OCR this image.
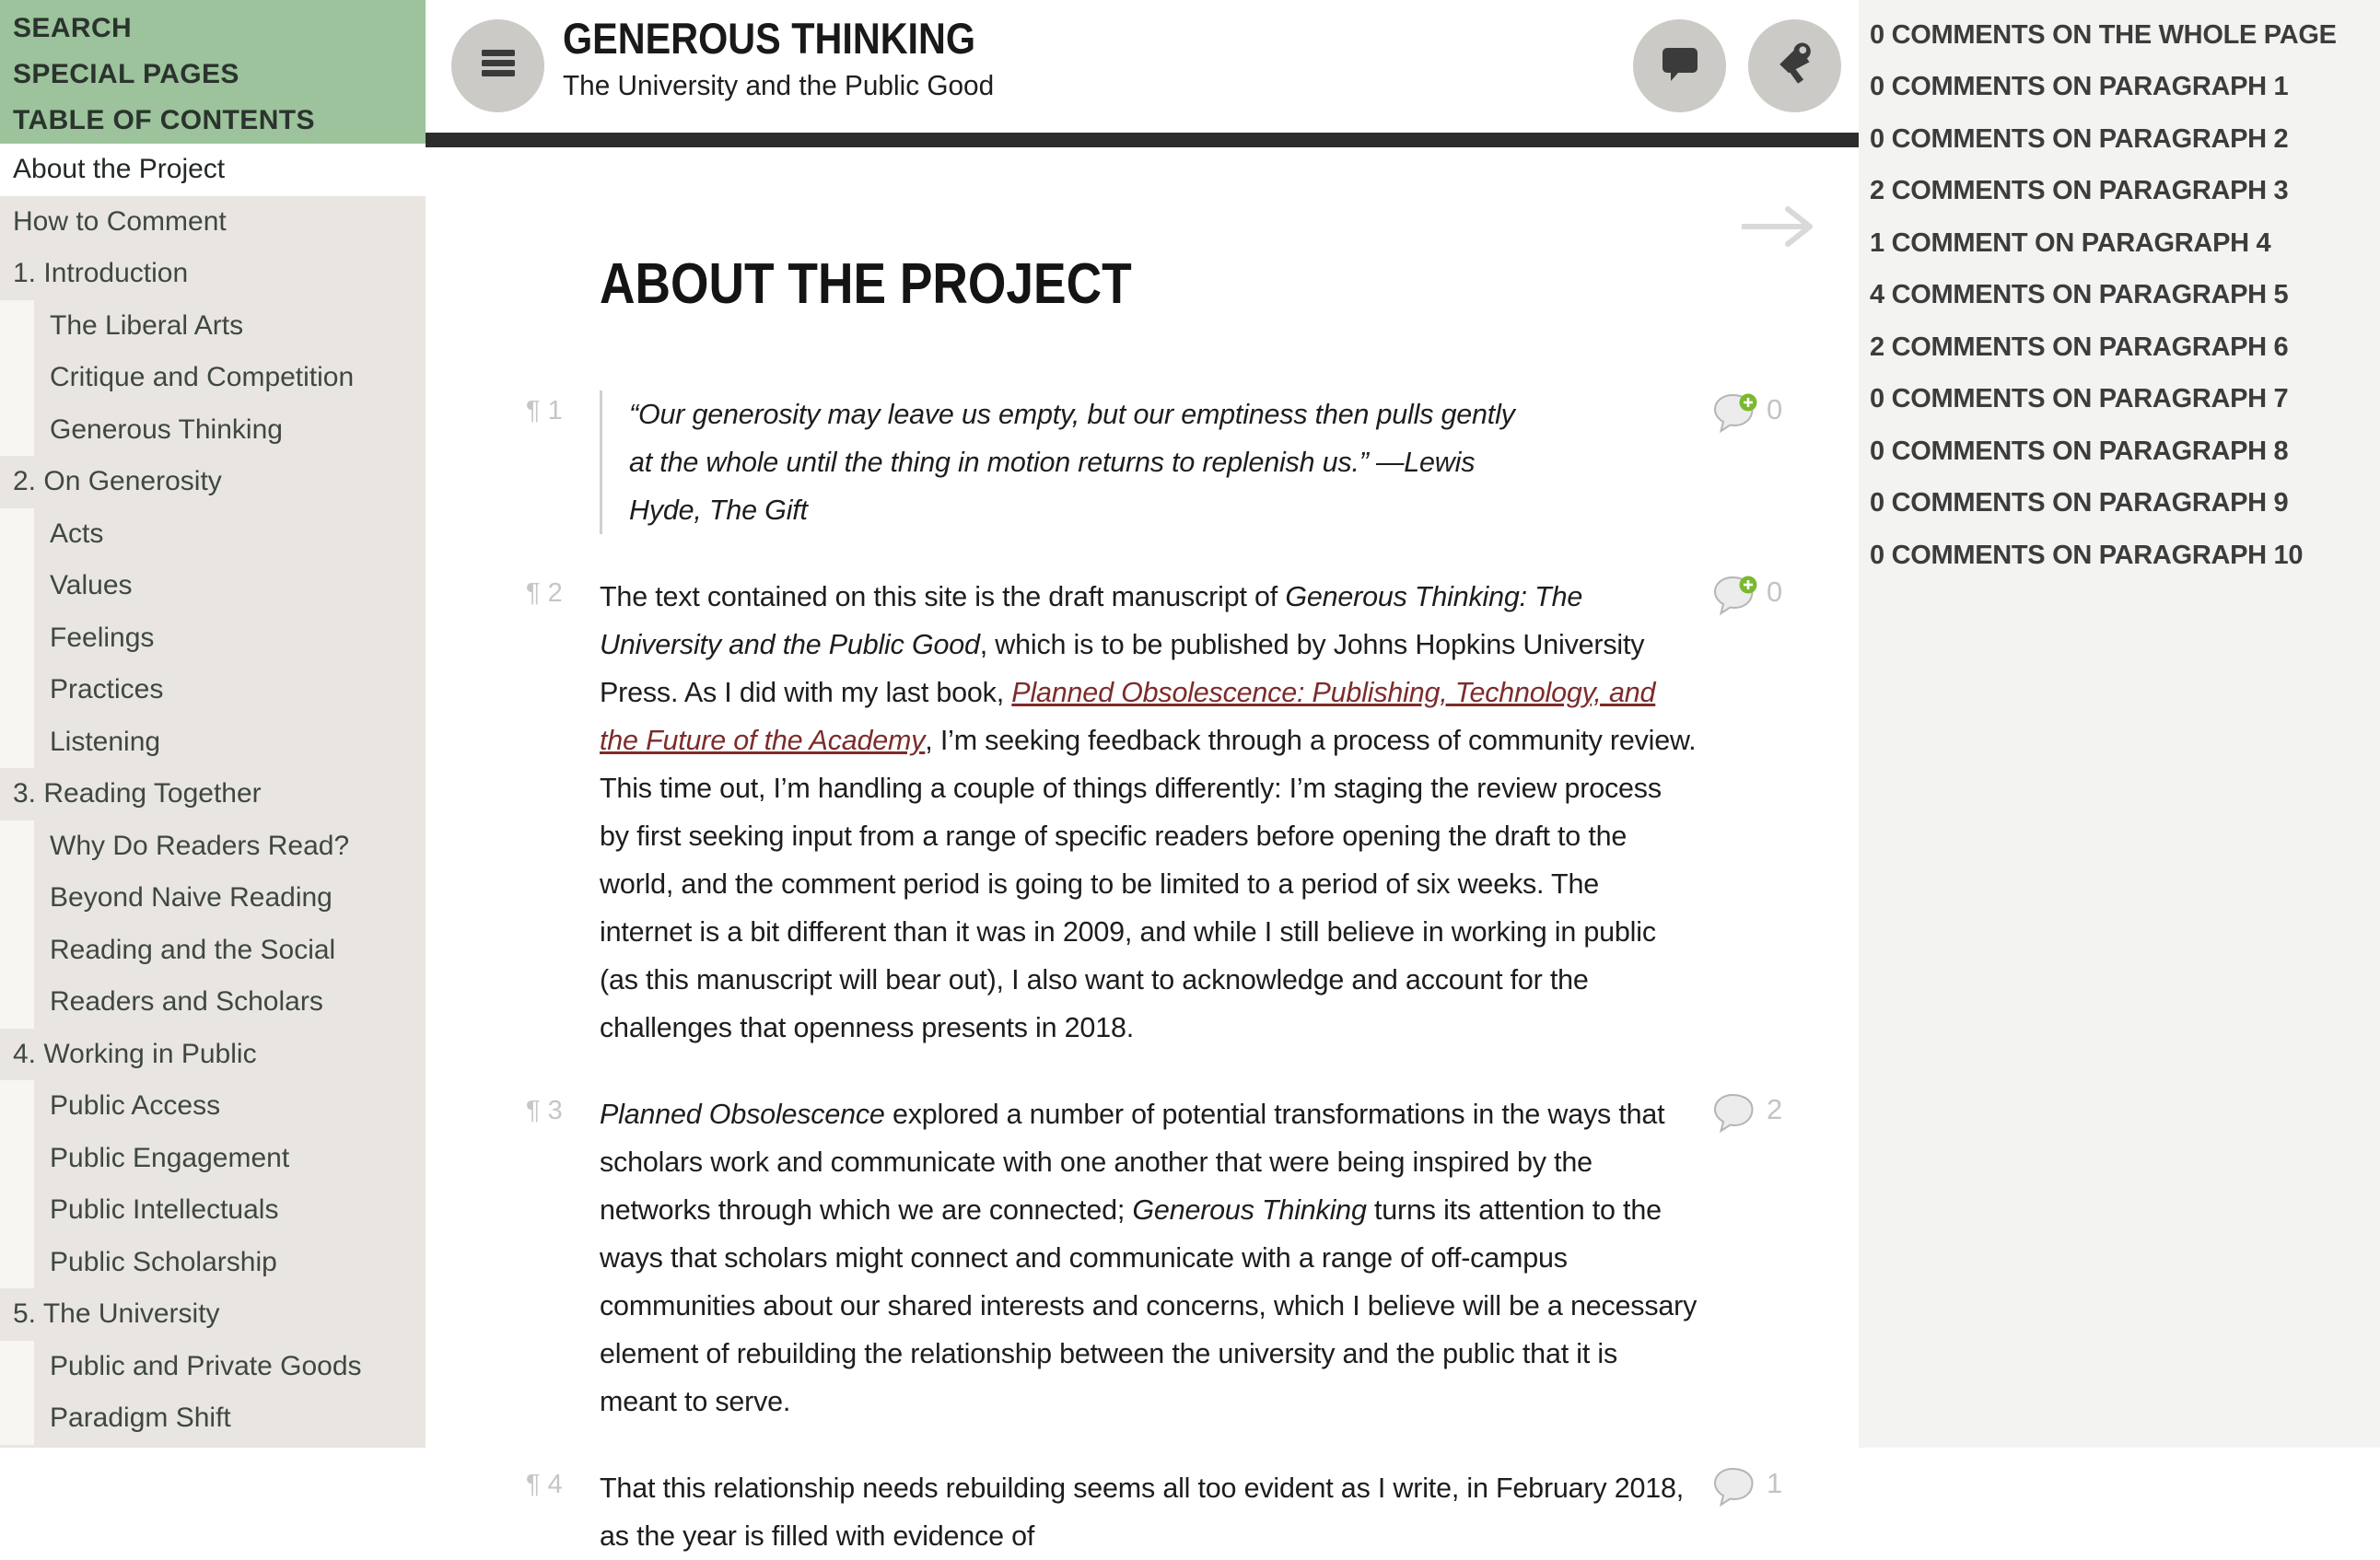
SEARCH
SPECIAL PAGES
TABLE OF CONTENTS
About the Project
How to Comment
1. Introduction
The Liberal Arts
Critique and Competition
Generous Thinking
2. On Generosity
Acts
Values
Feelings
Practices
Listening
3. Reading Together
Why Do Readers Read?
Beyond Naive Reading
Reading and the Social
Readers and Scholars
4. Working in Public
Public Access
Public Engagement
Public Intellectuals
Public Scholarship
5. The University
Public and Private Goods
Paradigm Shift
GENEROUS THINKING
The University and the Public Good
ABOUT THE PROJECT
¶ 1	“Our generosity may leave us empty, but our emptiness then pulls gently at the whole until the thing in motion returns to replenish us.” —Lewis Hyde, The Gift
0
¶ 2 The text contained on this site is the draft manuscript of Generous Thinking: The University and the Public Good, which is to be published by Johns Hopkins University Press. As I did with my last book, Planned Obsolescence: Publishing, Technology, and the Future of the Academy, I’m seeking feedback through a process of community review. This time out, I’m handling a couple of things differently: I’m staging the review process by first seeking input from a range of specific readers before opening the draft to the world, and the comment period is going to be limited to a period of six weeks. The internet is a bit different than it was in 2009, and while I still believe in working in public (as this manuscript will bear out), I also want to acknowledge and account for the challenges that openness presents in 2018.
0
¶ 3 Planned Obsolescence explored a number of potential transformations in the ways that scholars work and communicate with one another that were being inspired by the networks through which we are connected; Generous Thinking turns its attention to the ways that scholars might connect and communicate with a range of off-campus communities about our shared interests and concerns, which I believe will be a necessary element of rebuilding the relationship between the university and the public that it is meant to serve.
2
¶ 4 That this relationship needs rebuilding seems all too evident as I write, in February 2018, as the year is filled with evidence of
1
0 COMMENTS ON THE WHOLE PAGE
0 COMMENTS ON PARAGRAPH 1
0 COMMENTS ON PARAGRAPH 2
2 COMMENTS ON PARAGRAPH 3
1 COMMENT ON PARAGRAPH 4
4 COMMENTS ON PARAGRAPH 5
2 COMMENTS ON PARAGRAPH 6
0 COMMENTS ON PARAGRAPH 7
0 COMMENTS ON PARAGRAPH 8
0 COMMENTS ON PARAGRAPH 9
0 COMMENTS ON PARAGRAPH 10
